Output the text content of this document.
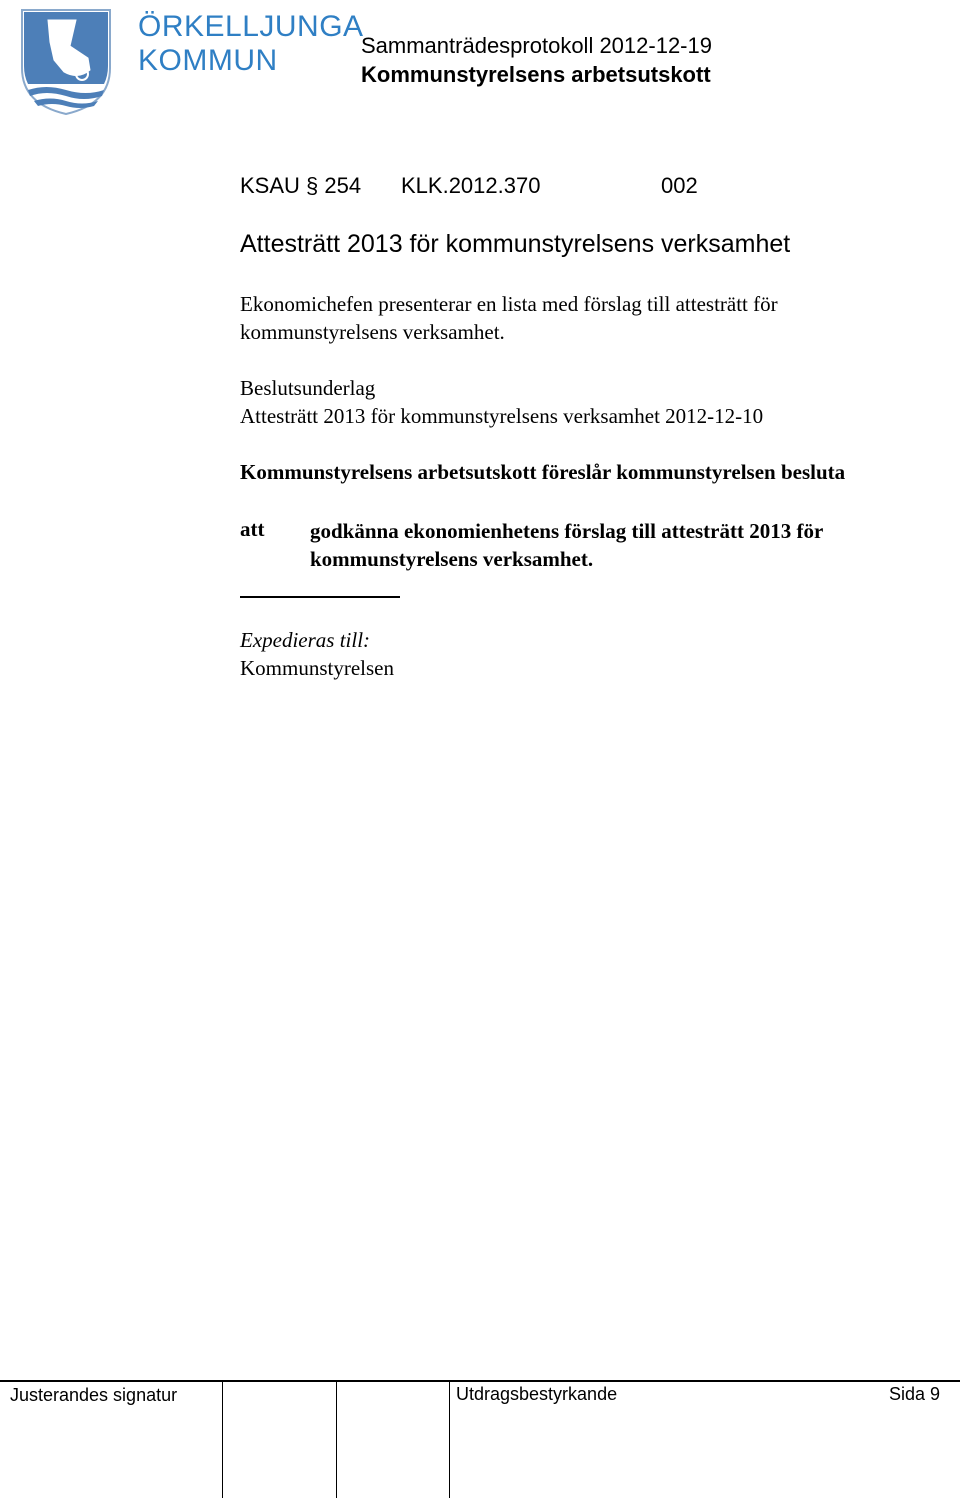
ÖRKELLJUNGA
KOMMUN	Sammanträdesprotokoll 2012-12-19
Kommunstyrelsens arbetsutskott
KSAU § 254 KLK.2012.370	002
Attesträtt 2013 för kommunstyrelsens verksamhet
Ekonomichefen presenterar en lista med förslag till attesträtt för kommunstyrelsens verksamhet.
Beslutsunderlag
Attesträtt 2013 för kommunstyrelsens verksamhet 2012-12-10
Kommunstyrelsens arbetsutskott föreslår kommunstyrelsen besluta
att godkänna ekonomienhetens förslag till attesträtt 2013 för kommunstyrelsens verksamhet.
Expedieras till:
Kommunstyrelsen
Justerandes signatur	Utdragsbestyrkande	Sida 9
